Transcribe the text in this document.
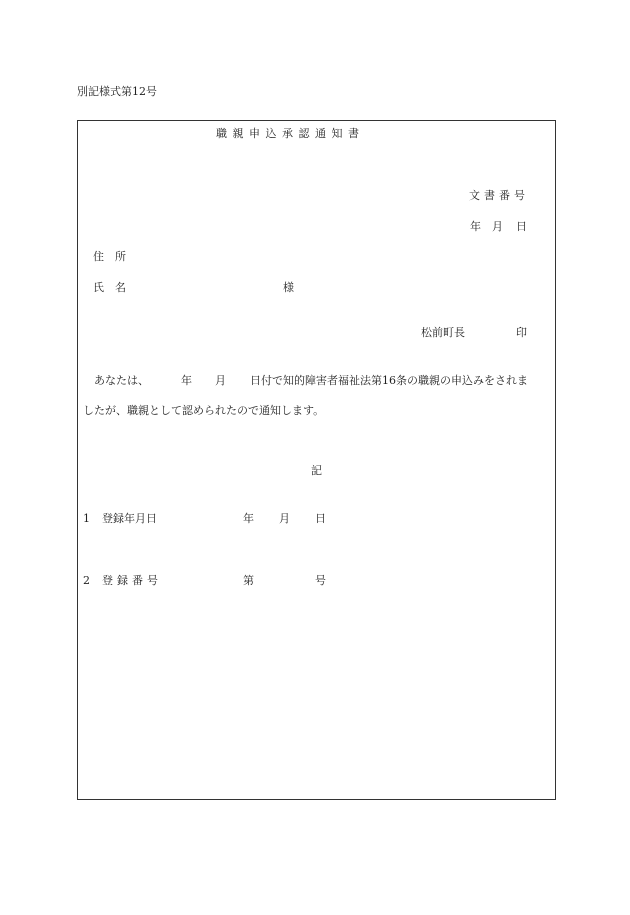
別記様式第12号
職親申込承認通知書
文書番号
年 月 日
住　所
氏　名	様
松前町長	印
あなたは、	年 月 日付で知的障害者福祉法第16条の職親の申込みをされま
したが、職親として認められたので通知します。
記
1 登録年月日	年 月 日
2 登録番号	第	号
